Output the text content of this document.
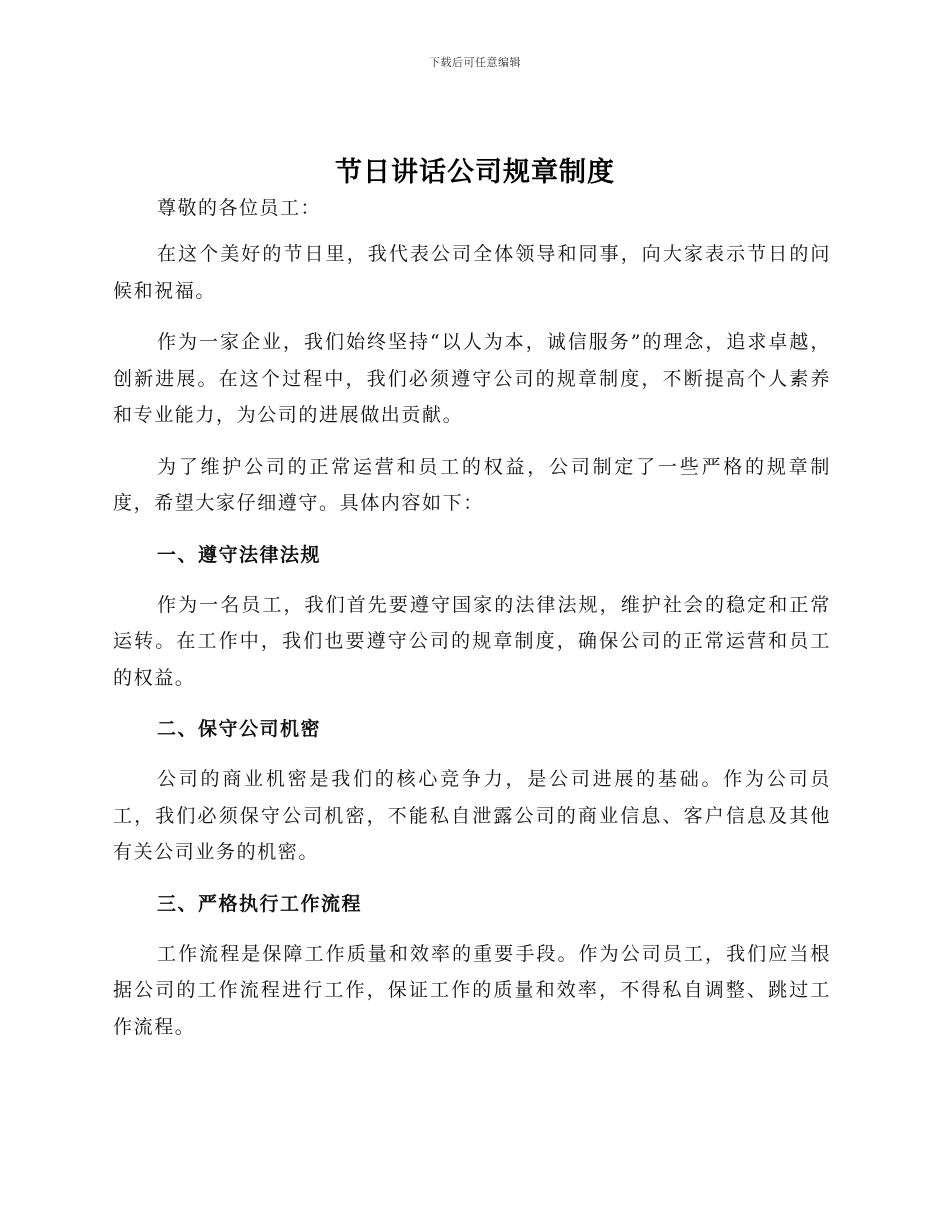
下载后可任意编辑
节日讲话公司规章制度

尊敬的各位员工：

在这个美好的节日里，我代表公司全体领导和同事，向大家表示节日的问候和祝福。

作为一家企业，我们始终坚持“以人为本，诚信服务”的理念，追求卓越，创新进展。在这个过程中，我们必须遵守公司的规章制度，不断提高个人素养和专业能力，为公司的进展做出贡献。

为了维护公司的正常运营和员工的权益，公司制定了一些严格的规章制度，希望大家仔细遵守。具体内容如下：

一、遵守法律法规

作为一名员工，我们首先要遵守国家的法律法规，维护社会的稳定和正常运转。在工作中，我们也要遵守公司的规章制度，确保公司的正常运营和员工的权益。

二、保守公司机密

公司的商业机密是我们的核心竞争力，是公司进展的基础。作为公司员工，我们必须保守公司机密，不能私自泄露公司的商业信息、客户信息及其他有关公司业务的机密。

三、严格执行工作流程

工作流程是保障工作质量和效率的重要手段。作为公司员工，我们应当根据公司的工作流程进行工作，保证工作的质量和效率，不得私自调整、跳过工作流程。
